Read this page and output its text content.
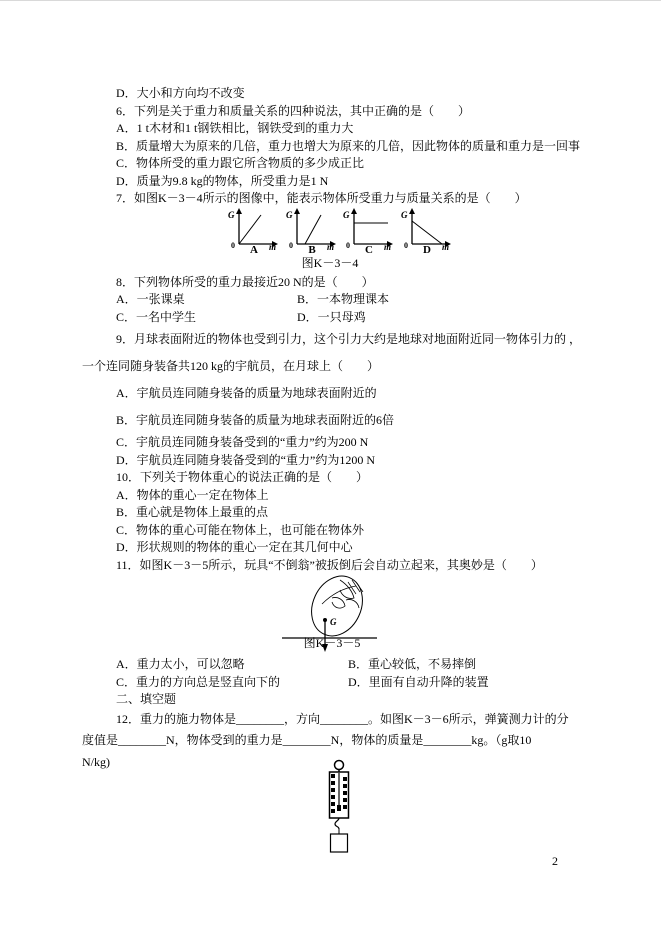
D．大小和方向均不改变
6．下列是关于重力和质量关系的四种说法，其中正确的是（　　）
A．1 t木材和1 t钢铁相比，钢铁受到的重力大
B．质量增大为原来的几倍，重力也增大为原来的几倍，因此物体的质量和重力是一回事
C．物体所受的重力跟它所含物质的多少成正比
D．质量为9.8 kg的物体，所受重力是1 N
7．如图K－3－4所示的图像中，能表示物体所受重力与质量关系的是（　　）
G
0	m
G
0	m
G
0	m
G
0	m
A	B	C	D
图K－3－4
8．下列物体所受的重力最接近20 N的是（　　）
A．一张课桌	B．一本物理课本
C．一名中学生	D．一只母鸡
9．月球表面附近的物体也受到引力，这个引力大约是地球对地面附近同一物体引力的 ，
一个连同随身装备共120 kg的宇航员，在月球上（　　）
A．宇航员连同随身装备的质量为地球表面附近的
B．宇航员连同随身装备的质量为地球表面附近的6倍
C．宇航员连同随身装备受到的“重力”约为200 N
D．宇航员连同随身装备受到的“重力”约为1200 N
10．下列关于物体重心的说法正确的是（　　）
A．物体的重心一定在物体上
B．重心就是物体上最重的点
C．物体的重心可能在物体上，也可能在物体外
D．形状规则的物体的重心一定在其几何中心
11．如图K－3－5所示，玩具“不倒翁”被扳倒后会自动立起来，其奥妙是（　　）
G
图K－3－5
A．重力太小，可以忽略	B．重心较低，不易摔倒
C．重力的方向总是竖直向下的	D．里面有自动升降的装置
二、填空题
12．重力的施力物体是________，方向________。如图K－3－6所示，弹簧测力计的分
度值是________N，物体受到的重力是________N，物体的质量是________kg。（g取10
N/kg)
2
